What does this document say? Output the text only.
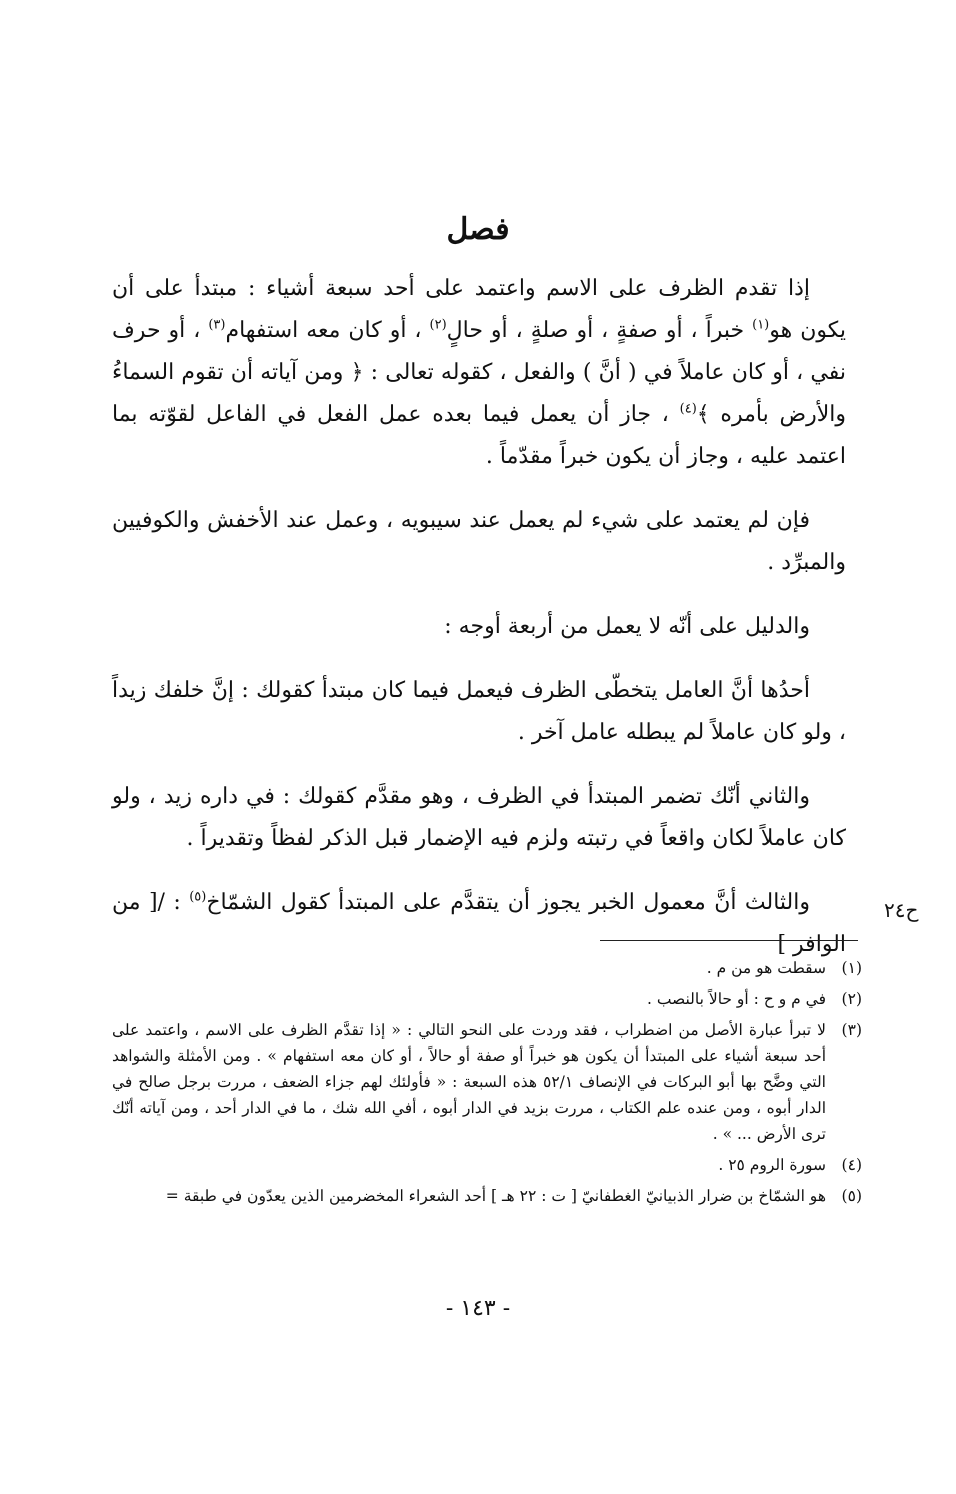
فصل

إذا تقدم الظرف على الاسم واعتمد على أحد سبعة أشياء : مبتدأ على أن يكون هو$^{(١)}$ خبراً ، أو صفةٍ ، أو صلةٍ ، أو حالٍ$^{(٢)}$ ، أو كان معه استفهام$^{(٣)}$ ، أو حرف نفي ، أو كان عاملاً في ( أنَّ ) والفعل ، كقوله تعالى : ﴿ ومن آياته أن تقوم السماءُ والأرض بأمره ﴾$^{(٤)}$ ، جاز أن يعمل فيما بعده عمل الفعل في الفاعل لقوّته بما اعتمد عليه ، وجاز أن يكون خبراً مقدّماً .

فإن لم يعتمد على شيء لم يعمل عند سيبويه ، وعمل عند الأخفش والكوفيين والمبرِّد .

والدليل على أنّه لا يعمل من أربعة أوجه :

أحدُها أنَّ العامل يتخطّى الظرف فيعمل فيما كان مبتدأ كقولك : إنَّ خلفك زيداً ، ولو كان عاملاً لم يبطله عامل آخر .

والثاني أنّك تضمر المبتدأ في الظرف ، وهو مقدَّم كقولك : في داره زيد ، ولو كان عاملاً لكان واقعاً في رتبته ولزم فيه الإضمار قبل الذكر لفظاً وتقديراً .

والثالث أنَّ معمول الخبر يجوز أن يتقدَّم على المبتدأ كقول الشمّاخ$^{(٥)}$ : /[ من الوافر ]

ح٢٤
(١)
سقطت هو من م .
(٢)
في م و ح : أو حالاً بالنصب .
(٣)
لا تبرأ عبارة الأصل من اضطراب ، فقد وردت على النحو التالي : « إذا تقدَّم الظرف على الاسم ، واعتمد على أحد سبعة أشياء على المبتدأ أن يكون هو خبراً أو صفة أو حالاً ، أو كان معه استفهام » . ومن الأمثلة والشواهد التي وضَّح بها أبو البركات في الإنصاف ٥٢/١ هذه السبعة : « فأولئك لهم جزاء الضعف ، مررت برجل صالح في الدار أبوه ، ومن عنده علم الكتاب ، مررت بزيد في الدار أبوه ، أفي الله شك ، ما في الدار أحد ، ومن آياته أنّك ترى الأرض ... » .
(٤)
سورة الروم ٢٥ .
(٥)
هو الشمّاخ بن ضرار الذبيانيّ الغطفانيّ [ ت : ٢٢ هـ ] أحد الشعراء المخضرمين الذين يعدّون في طبقة =
- ١٤٣ -
